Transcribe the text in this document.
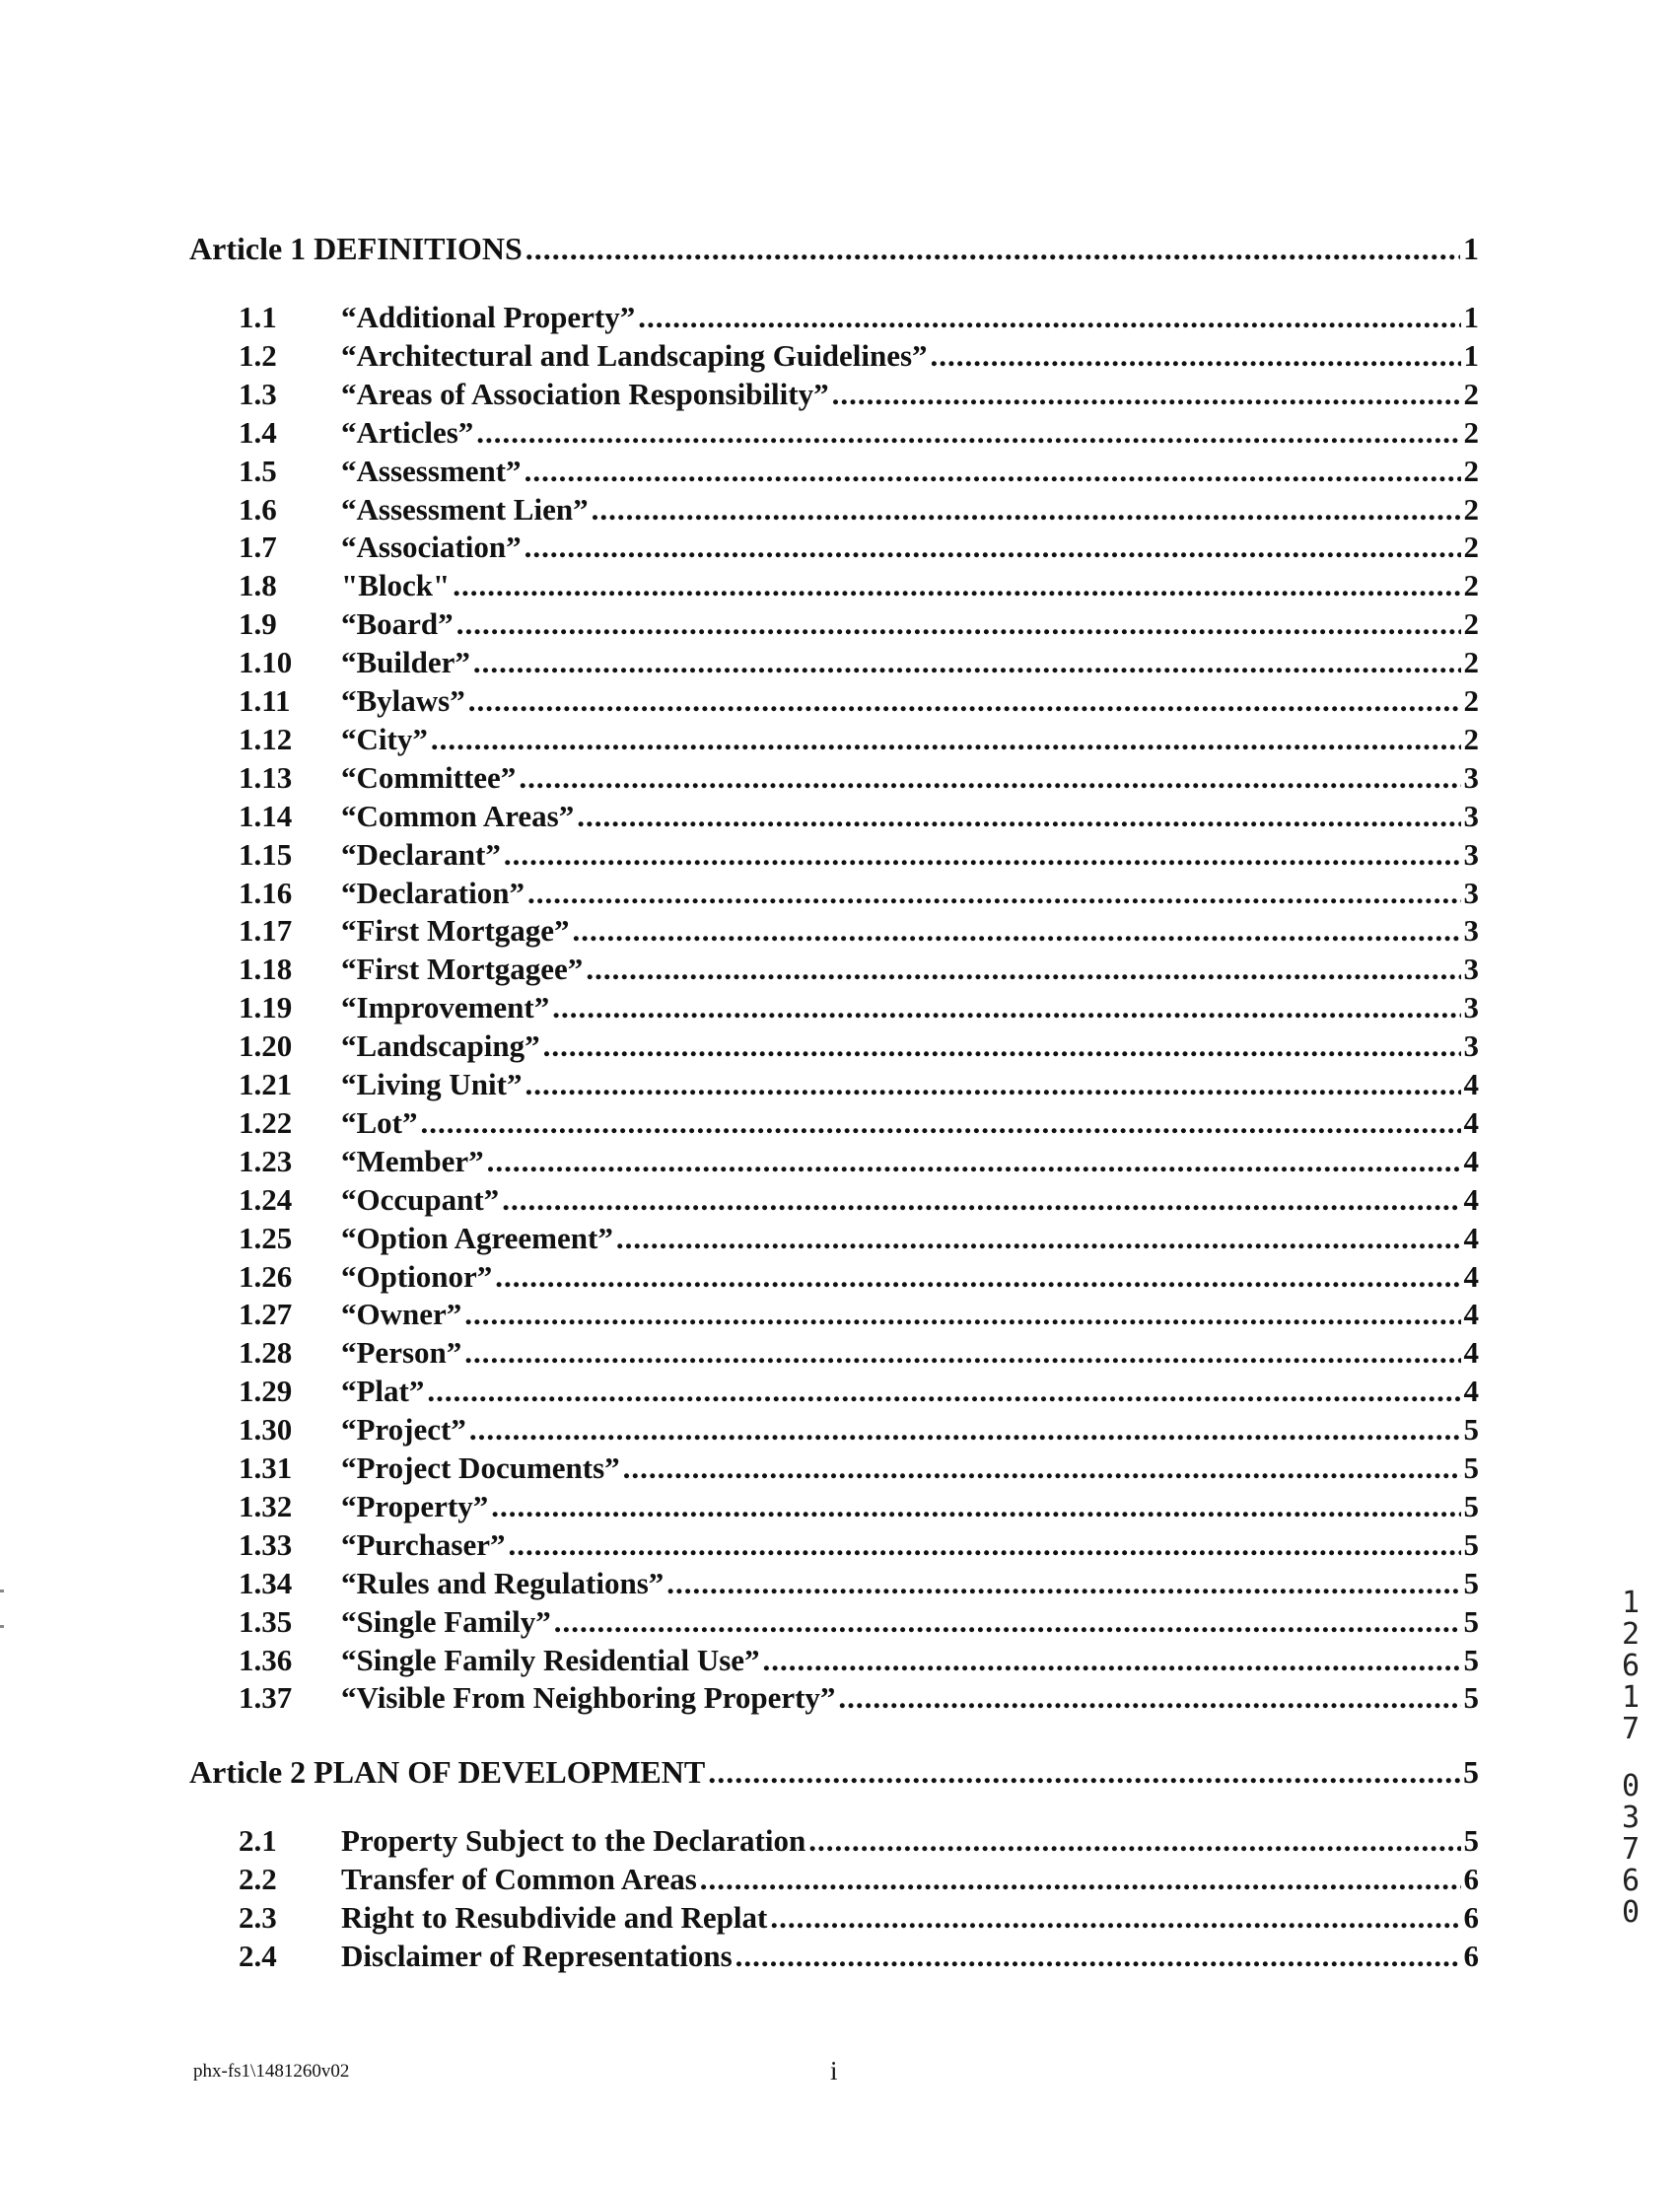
Article 1 DEFINITIONS .....	1
1.1	“Additional Property” .....	1
1.2	“Architectural and Landscaping Guidelines” .....	1
1.3	“Areas of Association Responsibility” .....	2
1.4	“Articles” .....	2
1.5	“Assessment” .....	2
1.6	“Assessment Lien” .....	2
1.7	“Association” .....	2
1.8	"Block" .....	2
1.9	“Board” .....	2
1.10	“Builder” .....	2
1.11	“Bylaws” .....	2
1.12	“City” .....	2
1.13	“Committee” .....	3
1.14	“Common Areas” .....	3
1.15	“Declarant” .....	3
1.16	“Declaration” .....	3
1.17	“First Mortgage” .....	3
1.18	“First Mortgagee” .....	3
1.19	“Improvement” .....	3
1.20	“Landscaping” .....	3
1.21	“Living Unit” .....	4
1.22	“Lot” .....	4
1.23	“Member” .....	4
1.24	“Occupant” .....	4
1.25	“Option Agreement” .....	4
1.26	“Optionor” .....	4
1.27	“Owner” .....	4
1.28	“Person” .....	4
1.29	“Plat” .....	4
1.30	“Project” .....	5
1.31	“Project Documents” .....	5
1.32	“Property” .....	5
1.33	“Purchaser” .....	5
1.34	“Rules and Regulations” .....	5
1.35	“Single Family” .....	5
1.36	“Single Family Residential Use” .....	5
1.37	“Visible From Neighboring Property” .....	5
Article 2 PLAN OF DEVELOPMENT .....	5
2.1	Property Subject to the Declaration .....	5
2.2	Transfer of Common Areas .....	6
2.3	Right to Resubdivide and Replat .....	6
2.4	Disclaimer of Representations .....	6
phx-fs1\1481260v02	i
1
2
6
1
7
0
3
7
6
0
